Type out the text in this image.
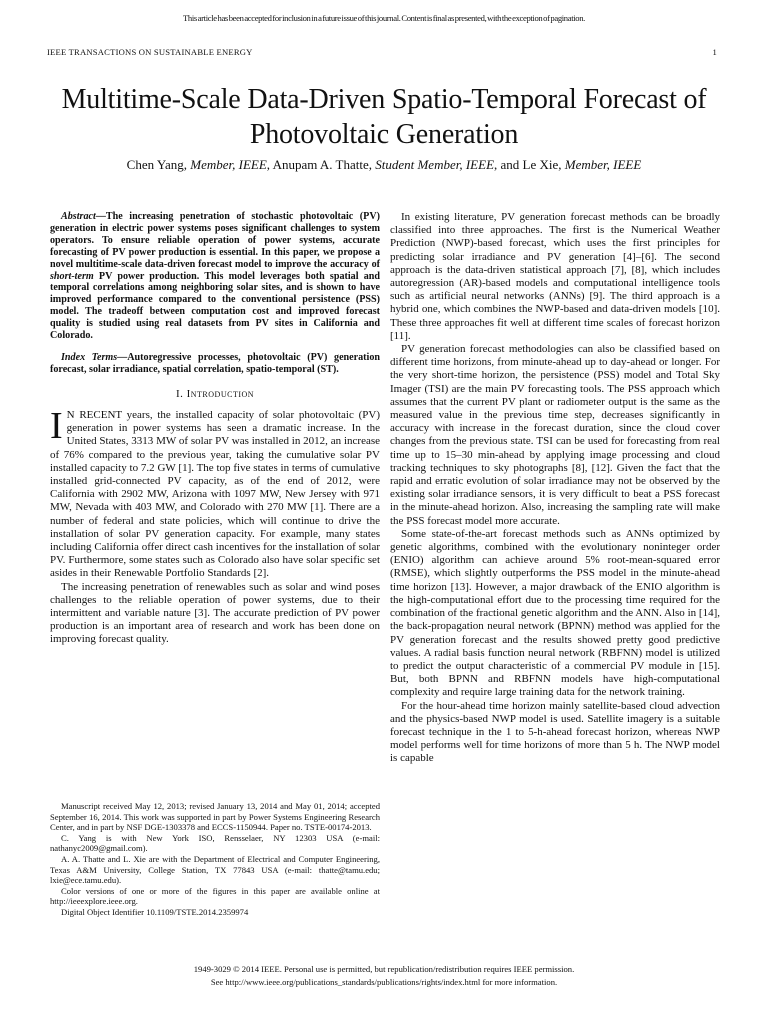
This article has been accepted for inclusion in a future issue of this journal. Content is final as presented, with the exception of pagination.
IEEE TRANSACTIONS ON SUSTAINABLE ENERGY	1
Multitime-Scale Data-Driven Spatio-Temporal Forecast of Photovoltaic Generation
Chen Yang, Member, IEEE, Anupam A. Thatte, Student Member, IEEE, and Le Xie, Member, IEEE

Abstract—The increasing penetration of stochastic photovoltaic (PV) generation in electric power systems poses significant challenges to system operators. To ensure reliable operation of power systems, accurate forecasting of PV power production is essential. In this paper, we propose a novel multitime-scale data-driven forecast model to improve the accuracy of short-term PV power production. This model leverages both spatial and temporal correlations among neighboring solar sites, and is shown to have improved performance compared to the conventional persistence (PSS) model. The tradeoff between computation cost and improved forecast quality is studied using real datasets from PV sites in California and Colorado.

Index Terms—Autoregressive processes, photovoltaic (PV) generation forecast, solar irradiance, spatial correlation, spatio-temporal (ST).

I. Introduction

I N RECENT years, the installed capacity of solar photovoltaic (PV) generation in power systems has seen a dramatic increase. In the United States, 3313 MW of solar PV was installed in 2012, an increase of 76% compared to the previous year, taking the cumulative solar PV installed capacity to 7.2 GW [1]. The top five states in terms of cumulative installed grid-connected PV capacity, as of the end of 2012, were California with 2902 MW, Arizona with 1097 MW, New Jersey with 971 MW, Nevada with 403 MW, and Colorado with 270 MW [1]. There are a number of federal and state policies, which will continue to drive the installation of solar PV generation capacity. For example, many states including California offer direct cash incentives for the installation of solar PV. Furthermore, some states such as Colorado also have solar specific set asides in their Renewable Portfolio Standards [2].

The increasing penetration of renewables such as solar and wind poses challenges to the reliable operation of power systems, due to their intermittent and variable nature [3]. The accurate prediction of PV power production is an important area of research and work has been done on improving forecast quality.

Manuscript received May 12, 2013; revised January 13, 2014 and May 01, 2014; accepted September 16, 2014. This work was supported in part by Power Systems Engineering Research Center, and in part by NSF DGE-1303378 and ECCS-1150944. Paper no. TSTE-00174-2013.

C. Yang is with New York ISO, Rensselaer, NY 12303 USA (e-mail: nathanyc2009@gmail.com).

A. A. Thatte and L. Xie are with the Department of Electrical and Computer Engineering, Texas A&M University, College Station, TX 77843 USA (e-mail: thatte@tamu.edu; lxie@ecе.tamu.edu).

Color versions of one or more of the figures in this paper are available online at http://ieeexplore.ieee.org.

Digital Object Identifier 10.1109/TSTE.2014.2359974

In existing literature, PV generation forecast methods can be broadly classified into three approaches. The first is the Numerical Weather Prediction (NWP)-based forecast, which uses the first principles for predicting solar irradiance and PV generation [4]–[6]. The second approach is the data-driven statistical approach [7], [8], which includes autoregression (AR)-based models and computational intelligence tools such as artificial neural networks (ANNs) [9]. The third approach is a hybrid one, which combines the NWP-based and data-driven models [10]. These three approaches fit well at different time scales of forecast horizon [11].

PV generation forecast methodologies can also be classified based on different time horizons, from minute-ahead up to day-ahead or longer. For the very short-time horizon, the persistence (PSS) model and Total Sky Imager (TSI) are the main PV forecasting tools. The PSS approach which assumes that the current PV plant or radiometer output is the same as the measured value in the previous time step, decreases significantly in accuracy with increase in the forecast duration, since the cloud cover changes from the previous state. TSI can be used for forecasting from real time up to 15–30 min-ahead by applying image processing and cloud tracking techniques to sky photographs [8], [12]. Given the fact that the rapid and erratic evolution of solar irradiance may not be observed by the existing solar irradiance sensors, it is very difficult to beat a PSS forecast in the minute-ahead horizon. Also, increasing the sampling rate will make the PSS forecast model more accurate.

Some state-of-the-art forecast methods such as ANNs optimized by genetic algorithms, combined with the evolutionary noninteger order (ENIO) algorithm can achieve around 5% root-mean-squared error (RMSE), which slightly outperforms the PSS model in the minute-ahead time horizon [13]. However, a major drawback of the ENIO algorithm is the high-computational effort due to the processing time required for the combination of the fractional genetic algorithm and the ANN. Also in [14], the back-propagation neural network (BPNN) method was applied for the PV generation forecast and the results showed pretty good predictive values. A radial basis function neural network (RBFNN) model is utilized to predict the output characteristic of a commercial PV module in [15]. But, both BPNN and RBFNN models have high-computational complexity and require large training data for the network training.

For the hour-ahead time horizon mainly satellite-based cloud advection and the physics-based NWP model is used. Satellite imagery is a suitable forecast technique in the 1 to 5-h-ahead forecast horizon, whereas NWP model performs well for time horizons of more than 5 h. The NWP model is capable

1949-3029 © 2014 IEEE. Personal use is permitted, but republication/redistribution requires IEEE permission.
See http://www.ieee.org/publications_standards/publications/rights/index.html for more information.
